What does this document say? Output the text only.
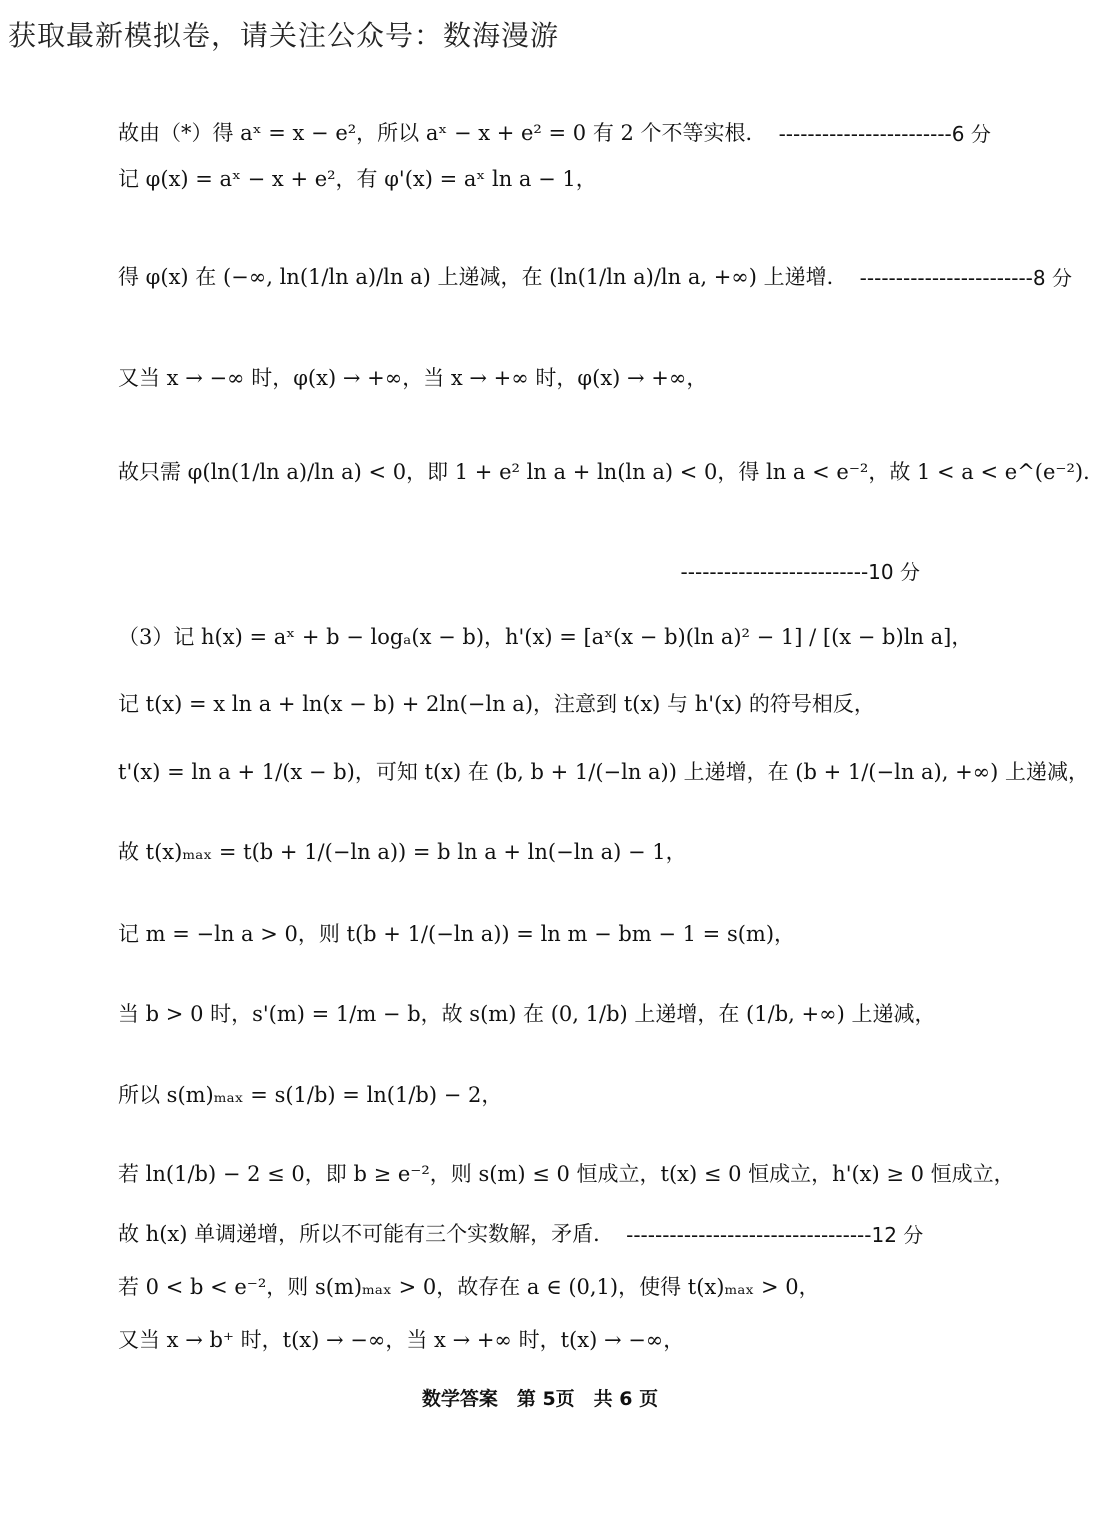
获取最新模拟卷，请关注公众号：数海漫游
故由（*）得 aˣ = x − e²，所以 aˣ − x + e² = 0 有 2 个不等实根． ------------------------6 分
记 φ(x) = aˣ − x + e²，有 φ'(x) = aˣ ln a − 1，
得 φ(x) 在 (−∞, ln(1/ln a)/ln a) 上递减，在 (ln(1/ln a)/ln a, +∞) 上递增． ------------------------8 分
又当 x → −∞ 时，φ(x) → +∞，当 x → +∞ 时，φ(x) → +∞，
故只需 φ(ln(1/ln a)/ln a) < 0，即 1 + e² ln a + ln(ln a) < 0，得 ln a < e⁻²，故 1 < a < e^(e⁻²)．
--------------------------10 分
（3）记 h(x) = aˣ + b − logₐ(x − b)，h'(x) = [aˣ(x − b)(ln a)² − 1] / [(x − b)ln a]，
记 t(x) = x ln a + ln(x − b) + 2ln(−ln a)，注意到 t(x) 与 h'(x) 的符号相反，
t'(x) = ln a + 1/(x − b)，可知 t(x) 在 (b, b + 1/(−ln a)) 上递增，在 (b + 1/(−ln a), +∞) 上递减，
故 t(x)ₘₐₓ = t(b + 1/(−ln a)) = b ln a + ln(−ln a) − 1，
记 m = −ln a > 0，则 t(b + 1/(−ln a)) = ln m − bm − 1 = s(m)，
当 b > 0 时，s'(m) = 1/m − b，故 s(m) 在 (0, 1/b) 上递增，在 (1/b, +∞) 上递减，
所以 s(m)ₘₐₓ = s(1/b) = ln(1/b) − 2，
若 ln(1/b) − 2 ≤ 0，即 b ≥ e⁻²，则 s(m) ≤ 0 恒成立，t(x) ≤ 0 恒成立，h'(x) ≥ 0 恒成立，
故 h(x) 单调递增，所以不可能有三个实数解，矛盾． ----------------------------------12 分
若 0 < b < e⁻²，则 s(m)ₘₐₓ > 0，故存在 a ∈ (0,1)，使得 t(x)ₘₐₓ > 0，
又当 x → b⁺ 时，t(x) → −∞，当 x → +∞ 时，t(x) → −∞，
数学答案　第 5页　共 6 页
